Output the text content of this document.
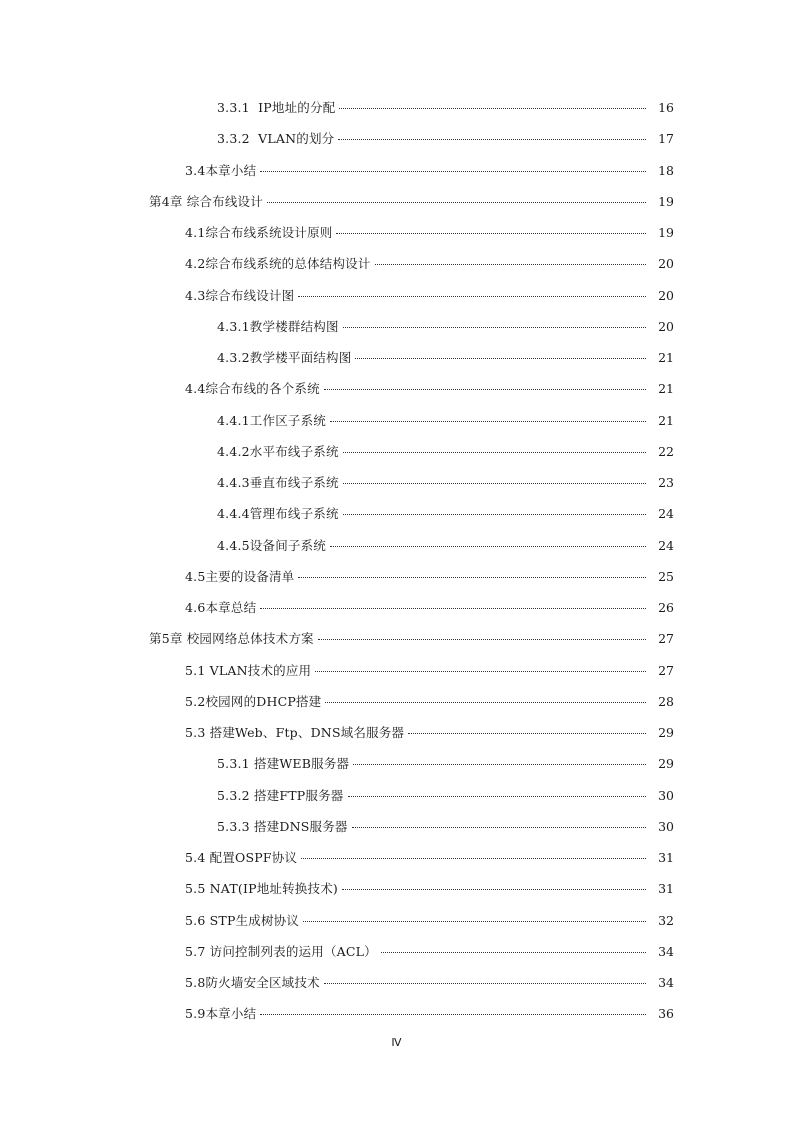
3.3.1  IP地址的分配	16
3.3.2  VLAN的划分	17
3.4本章小结	18
第4章 综合布线设计	19
4.1综合布线系统设计原则	19
4.2综合布线系统的总体结构设计	20
4.3综合布线设计图	20
4.3.1教学楼群结构图	20
4.3.2教学楼平面结构图	21
4.4综合布线的各个系统	21
4.4.1工作区子系统	21
4.4.2水平布线子系统	22
4.4.3垂直布线子系统	23
4.4.4管理布线子系统	24
4.4.5设备间子系统	24
4.5主要的设备清单	25
4.6本章总结	26
第5章 校园网络总体技术方案	27
5.1 VLAN技术的应用	27
5.2校园网的DHCP搭建	28
5.3 搭建Web、Ftp、DNS域名服务器	29
5.3.1 搭建WEB服务器	29
5.3.2 搭建FTP服务器	30
5.3.3 搭建DNS服务器	30
5.4 配置OSPF协议	31
5.5 NAT(IP地址转换技术)	31
5.6 STP生成树协议	32
5.7 访问控制列表的运用（ACL）	34
5.8防火墙安全区域技术	34
5.9本章小结	36
Ⅳ
